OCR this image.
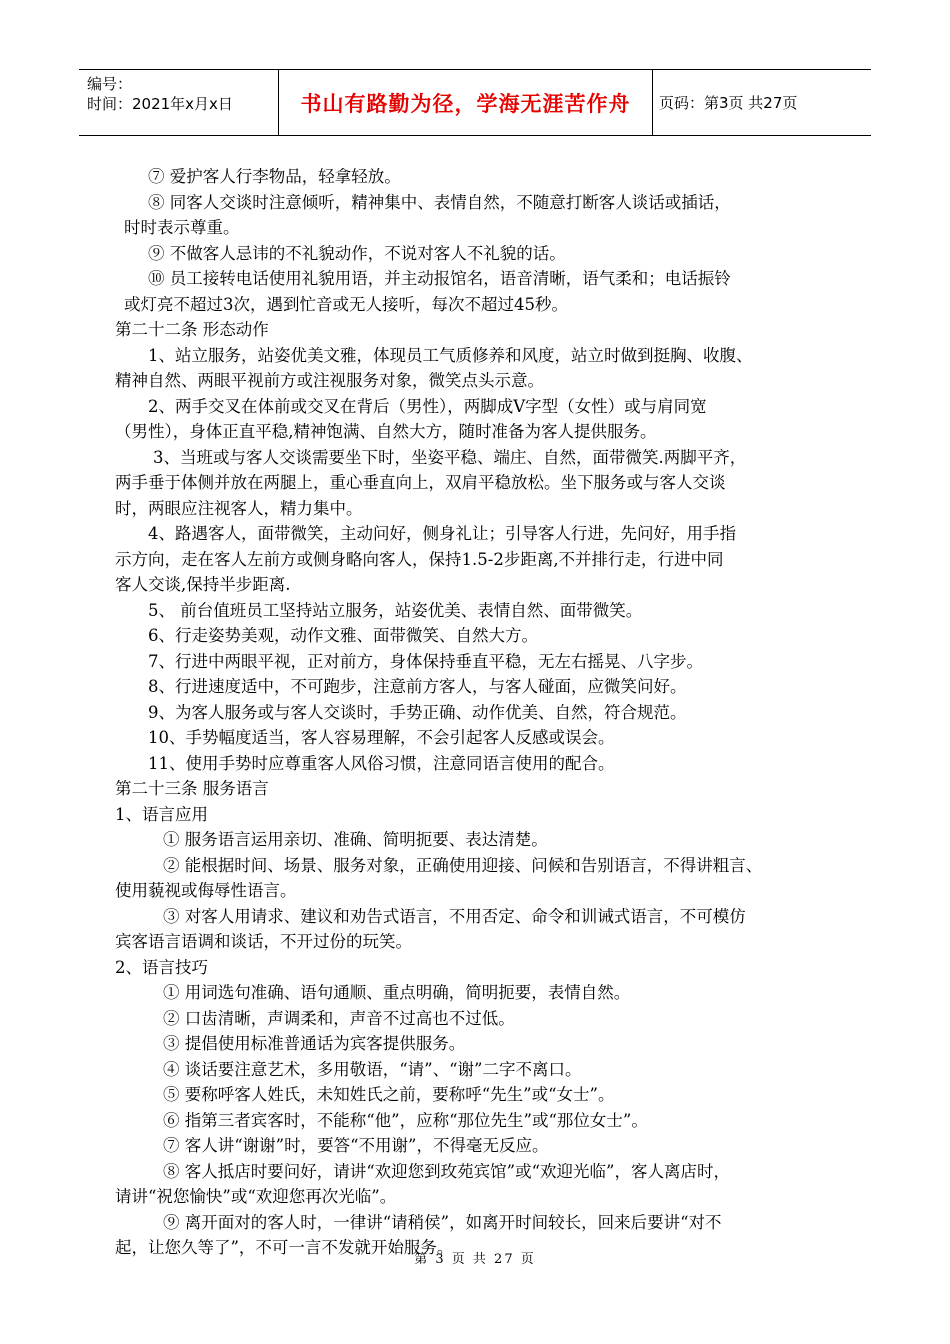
编号：
时间：2021年x月x日	书山有路勤为径，学海无涯苦作舟	页码：第3页 共27页
⑦ 爱护客人行李物品，轻拿轻放。
⑧ 同客人交谈时注意倾听，精神集中、表情自然，不随意打断客人谈话或插话，
时时表示尊重。
⑨ 不做客人忌讳的不礼貌动作，不说对客人不礼貌的话。
⑩ 员工接转电话使用礼貌用语，并主动报馆名，语音清晰，语气柔和；电话振铃
或灯亮不超过3次，遇到忙音或无人接听，每次不超过45秒。
第二十二条 形态动作
1、站立服务，站姿优美文雅，体现员工气质修养和风度，站立时做到挺胸、收腹、
精神自然、两眼平视前方或注视服务对象，微笑点头示意。
2、两手交叉在体前或交叉在背后（男性），两脚成V字型（女性）或与肩同宽
（男性），身体正直平稳,精神饱满、自然大方，随时准备为客人提供服务。
3、当班或与客人交谈需要坐下时，坐姿平稳、端庄、自然，面带微笑.两脚平齐，
两手垂于体侧并放在两腿上，重心垂直向上，双肩平稳放松。坐下服务或与客人交谈
时，两眼应注视客人，精力集中。
4、路遇客人，面带微笑，主动问好，侧身礼让；引导客人行进，先问好，用手指
示方向，走在客人左前方或侧身略向客人，保持1.5-2步距离,不并排行走，行进中同
客人交谈,保持半步距离.
5、 前台值班员工坚持站立服务，站姿优美、表情自然、面带微笑。
6、行走姿势美观，动作文雅、面带微笑、自然大方。
7、行进中两眼平视，正对前方，身体保持垂直平稳，无左右摇晃、八字步。
8、行进速度适中，不可跑步，注意前方客人，与客人碰面，应微笑问好。
9、为客人服务或与客人交谈时，手势正确、动作优美、自然，符合规范。
10、手势幅度适当，客人容易理解，不会引起客人反感或误会。
11、使用手势时应尊重客人风俗习惯，注意同语言使用的配合。
第二十三条 服务语言
1、语言应用
① 服务语言运用亲切、准确、简明扼要、表达清楚。
② 能根据时间、场景、服务对象，正确使用迎接、问候和告别语言，不得讲粗言、
使用藐视或侮辱性语言。
③ 对客人用请求、建议和劝告式语言，不用否定、命令和训诫式语言，不可模仿
宾客语言语调和谈话，不开过份的玩笑。
2、语言技巧
① 用词选句准确、语句通顺、重点明确，简明扼要，表情自然。
② 口齿清晰，声调柔和，声音不过高也不过低。
③ 提倡使用标准普通话为宾客提供服务。
④ 谈话要注意艺术，多用敬语，“请”、“谢”二字不离口。
⑤ 要称呼客人姓氏，未知姓氏之前，要称呼“先生”或“女士”。
⑥ 指第三者宾客时，不能称“他”，应称“那位先生”或“那位女士”。
⑦ 客人讲“谢谢”时，要答“不用谢”，不得毫无反应。
⑧ 客人抵店时要问好，请讲“欢迎您到玫苑宾馆”或“欢迎光临”，客人离店时，
请讲“祝您愉快”或“欢迎您再次光临”。
⑨ 离开面对的客人时，一律讲“请稍侯”，如离开时间较长，回来后要讲“对不
起，让您久等了”，不可一言不发就开始服务。
第 3 页 共 27 页
